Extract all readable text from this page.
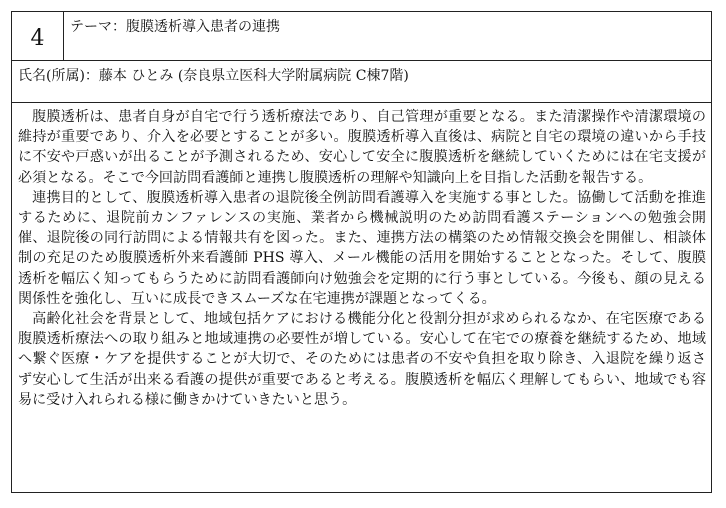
4	テーマ：腹膜透析導入患者の連携
氏名(所属)：藤本 ひとみ (奈良県立医科大学附属病院 C棟7階)

腹膜透析は、患者自身が自宅で行う透析療法であり、自己管理が重要となる。また清潔操作や清潔環境の維持が重要であり、介入を必要とすることが多い。腹膜透析導入直後は、病院と自宅の環境の違いから手技に不安や戸惑いが出ることが予測されるため、安心して安全に腹膜透析を継続していくためには在宅支援が必須となる。そこで今回訪問看護師と連携し腹膜透析の理解や知識向上を目指した活動を報告する。

連携目的として、腹膜透析導入患者の退院後全例訪問看護導入を実施する事とした。協働して活動を推進するために、退院前カンファレンスの実施、業者から機械説明のため訪問看護ステーションへの勉強会開催、退院後の同行訪問による情報共有を図った。また、連携方法の構築のため情報交換会を開催し、相談体制の充足のため腹膜透析外来看護師 PHS 導入、メール機能の活用を開始することとなった。そして、腹膜透析を幅広く知ってもらうために訪問看護師向け勉強会を定期的に行う事としている。今後も、顔の見える関係性を強化し、互いに成長できスムーズな在宅連携が課題となってくる。

高齢化社会を背景として、地域包括ケアにおける機能分化と役割分担が求められるなか、在宅医療である腹膜透析療法への取り組みと地域連携の必要性が増している。安心して在宅での療養を継続するため、地域へ繋ぐ医療・ケアを提供することが大切で、そのためには患者の不安や負担を取り除き、入退院を繰り返さず安心して生活が出来る看護の提供が重要であると考える。腹膜透析を幅広く理解してもらい、地域でも容易に受け入れられる様に働きかけていきたいと思う。
